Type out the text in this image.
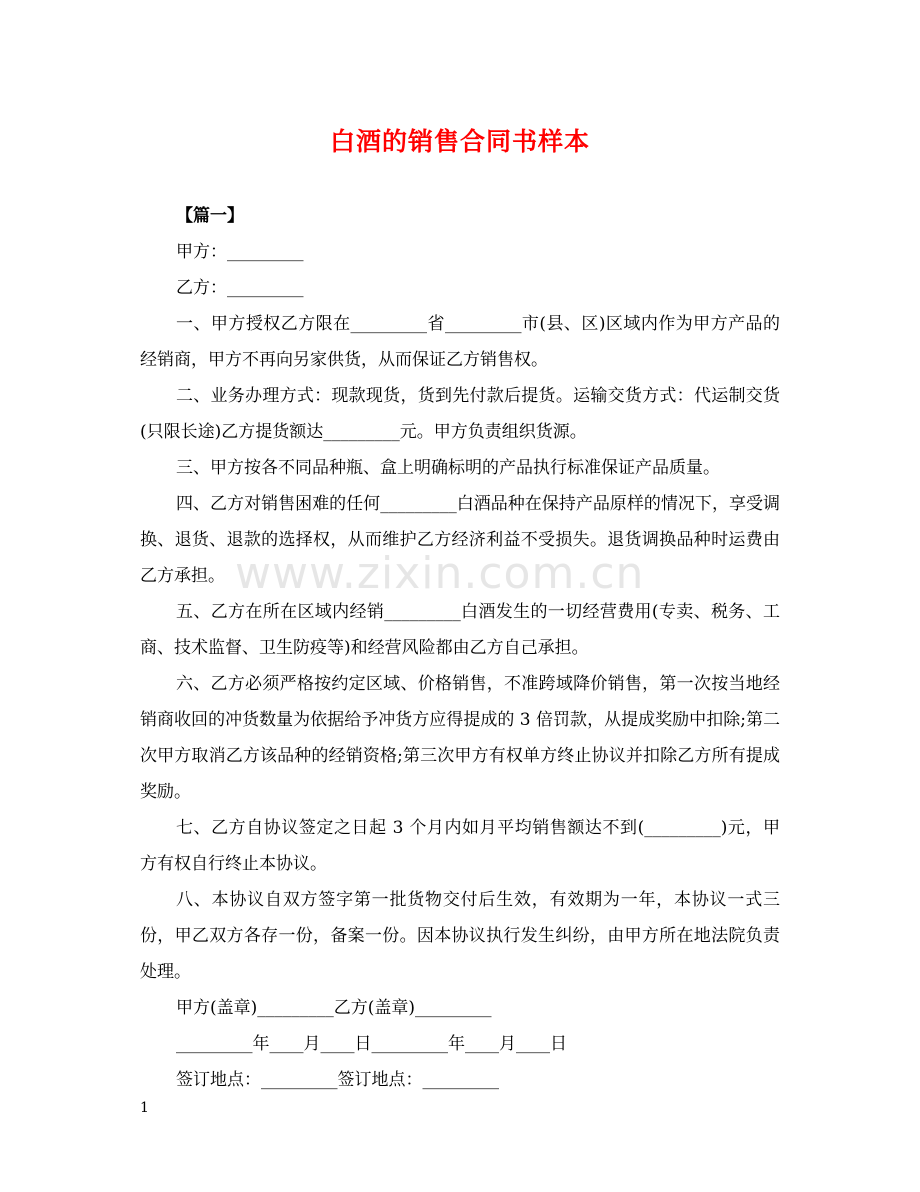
白酒的销售合同书样本
www.zixin.com.cn

【篇一】

甲方：_________

乙方：_________

一、甲方授权乙方限在_________省_________市(县、区)区域内作为甲方产品的经销商，甲方不再向另家供货，从而保证乙方销售权。

二、业务办理方式：现款现货，货到先付款后提货。运输交货方式：代运制交货(只限长途)乙方提货额达_________元。甲方负责组织货源。

三、甲方按各不同品种瓶、盒上明确标明的产品执行标准保证产品质量。

四、乙方对销售困难的任何_________白酒品种在保持产品原样的情况下，享受调换、退货、退款的选择权，从而维护乙方经济利益不受损失。退货调换品种时运费由乙方承担。

五、乙方在所在区域内经销_________白酒发生的一切经营费用(专卖、税务、工商、技术监督、卫生防疫等)和经营风险都由乙方自己承担。

六、乙方必须严格按约定区域、价格销售，不准跨域降价销售，第一次按当地经销商收回的冲货数量为依据给予冲货方应得提成的 3 倍罚款，从提成奖励中扣除;第二次甲方取消乙方该品种的经销资格;第三次甲方有权单方终止协议并扣除乙方所有提成奖励。

七、乙方自协议签定之日起 3 个月内如月平均销售额达不到(_________)元，甲方有权自行终止本协议。

八、本协议自双方签字第一批货物交付后生效，有效期为一年，本协议一式三份，甲乙双方各存一份，备案一份。因本协议执行发生纠纷，由甲方所在地法院负责处理。

甲方(盖章)_________乙方(盖章)_________

_________年____月____日_________年____月____日

签订地点：_________签订地点：_________

1
